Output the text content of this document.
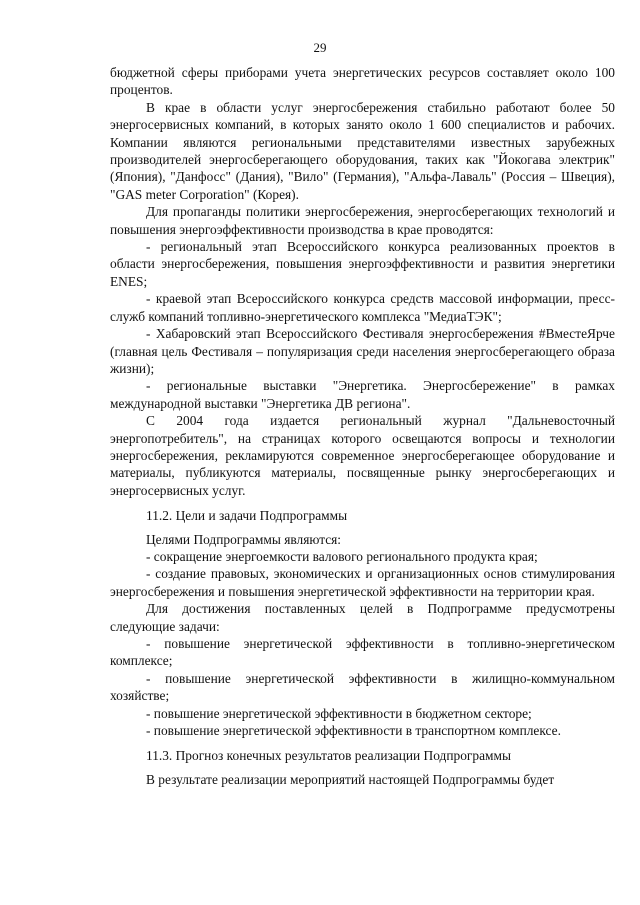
29

бюджетной сферы приборами учета энергетических ресурсов составляет около 100 процентов.

В крае в области услуг энергосбережения стабильно работают более 50 энергосервисных компаний, в которых занято около 1 600 специалистов и рабочих. Компании являются региональными представителями известных зарубежных производителей энергосберегающего оборудования, таких как "Йокогава электрик" (Япония), "Данфосс" (Дания), "Вило" (Германия), "Альфа-Лаваль" (Россия – Швеция), "GAS meter Corporation" (Корея).

Для пропаганды политики энергосбережения, энергосберегающих технологий и повышения энергоэффективности производства в крае проводятся:

- региональный этап Всероссийского конкурса реализованных проектов в области энергосбережения, повышения энергоэффективности и развития энергетики ENES;

- краевой этап Всероссийского конкурса средств массовой информации, пресс-служб компаний топливно-энергетического комплекса "МедиаТЭК";

- Хабаровский этап Всероссийского Фестиваля энергосбережения #ВместеЯрче (главная цель Фестиваля – популяризация среди населения энергосберегающего образа жизни);

- региональные выставки "Энергетика. Энергосбережение" в рамках международной выставки "Энергетика ДВ региона".

С 2004 года издается региональный журнал "Дальневосточный энергопотребитель", на страницах которого освещаются вопросы и технологии энергосбережения, рекламируются современное энергосберегающее оборудование и материалы, публикуются материалы, посвященные рынку энергосберегающих и энергосервисных услуг.

11.2. Цели и задачи Подпрограммы

Целями Подпрограммы являются:

- сокращение энергоемкости валового регионального продукта края;

- создание правовых, экономических и организационных основ стимулирования энергосбережения и повышения энергетической эффективности на территории края.

Для достижения поставленных целей в Подпрограмме предусмотрены следующие задачи:

- повышение энергетической эффективности в топливно-энергетическом комплексе;

- повышение энергетической эффективности в жилищно-коммунальном хозяйстве;

- повышение энергетической эффективности в бюджетном секторе;

- повышение энергетической эффективности в транспортном комплексе.

11.3. Прогноз конечных результатов реализации Подпрограммы

В результате реализации мероприятий настоящей Подпрограммы будет
